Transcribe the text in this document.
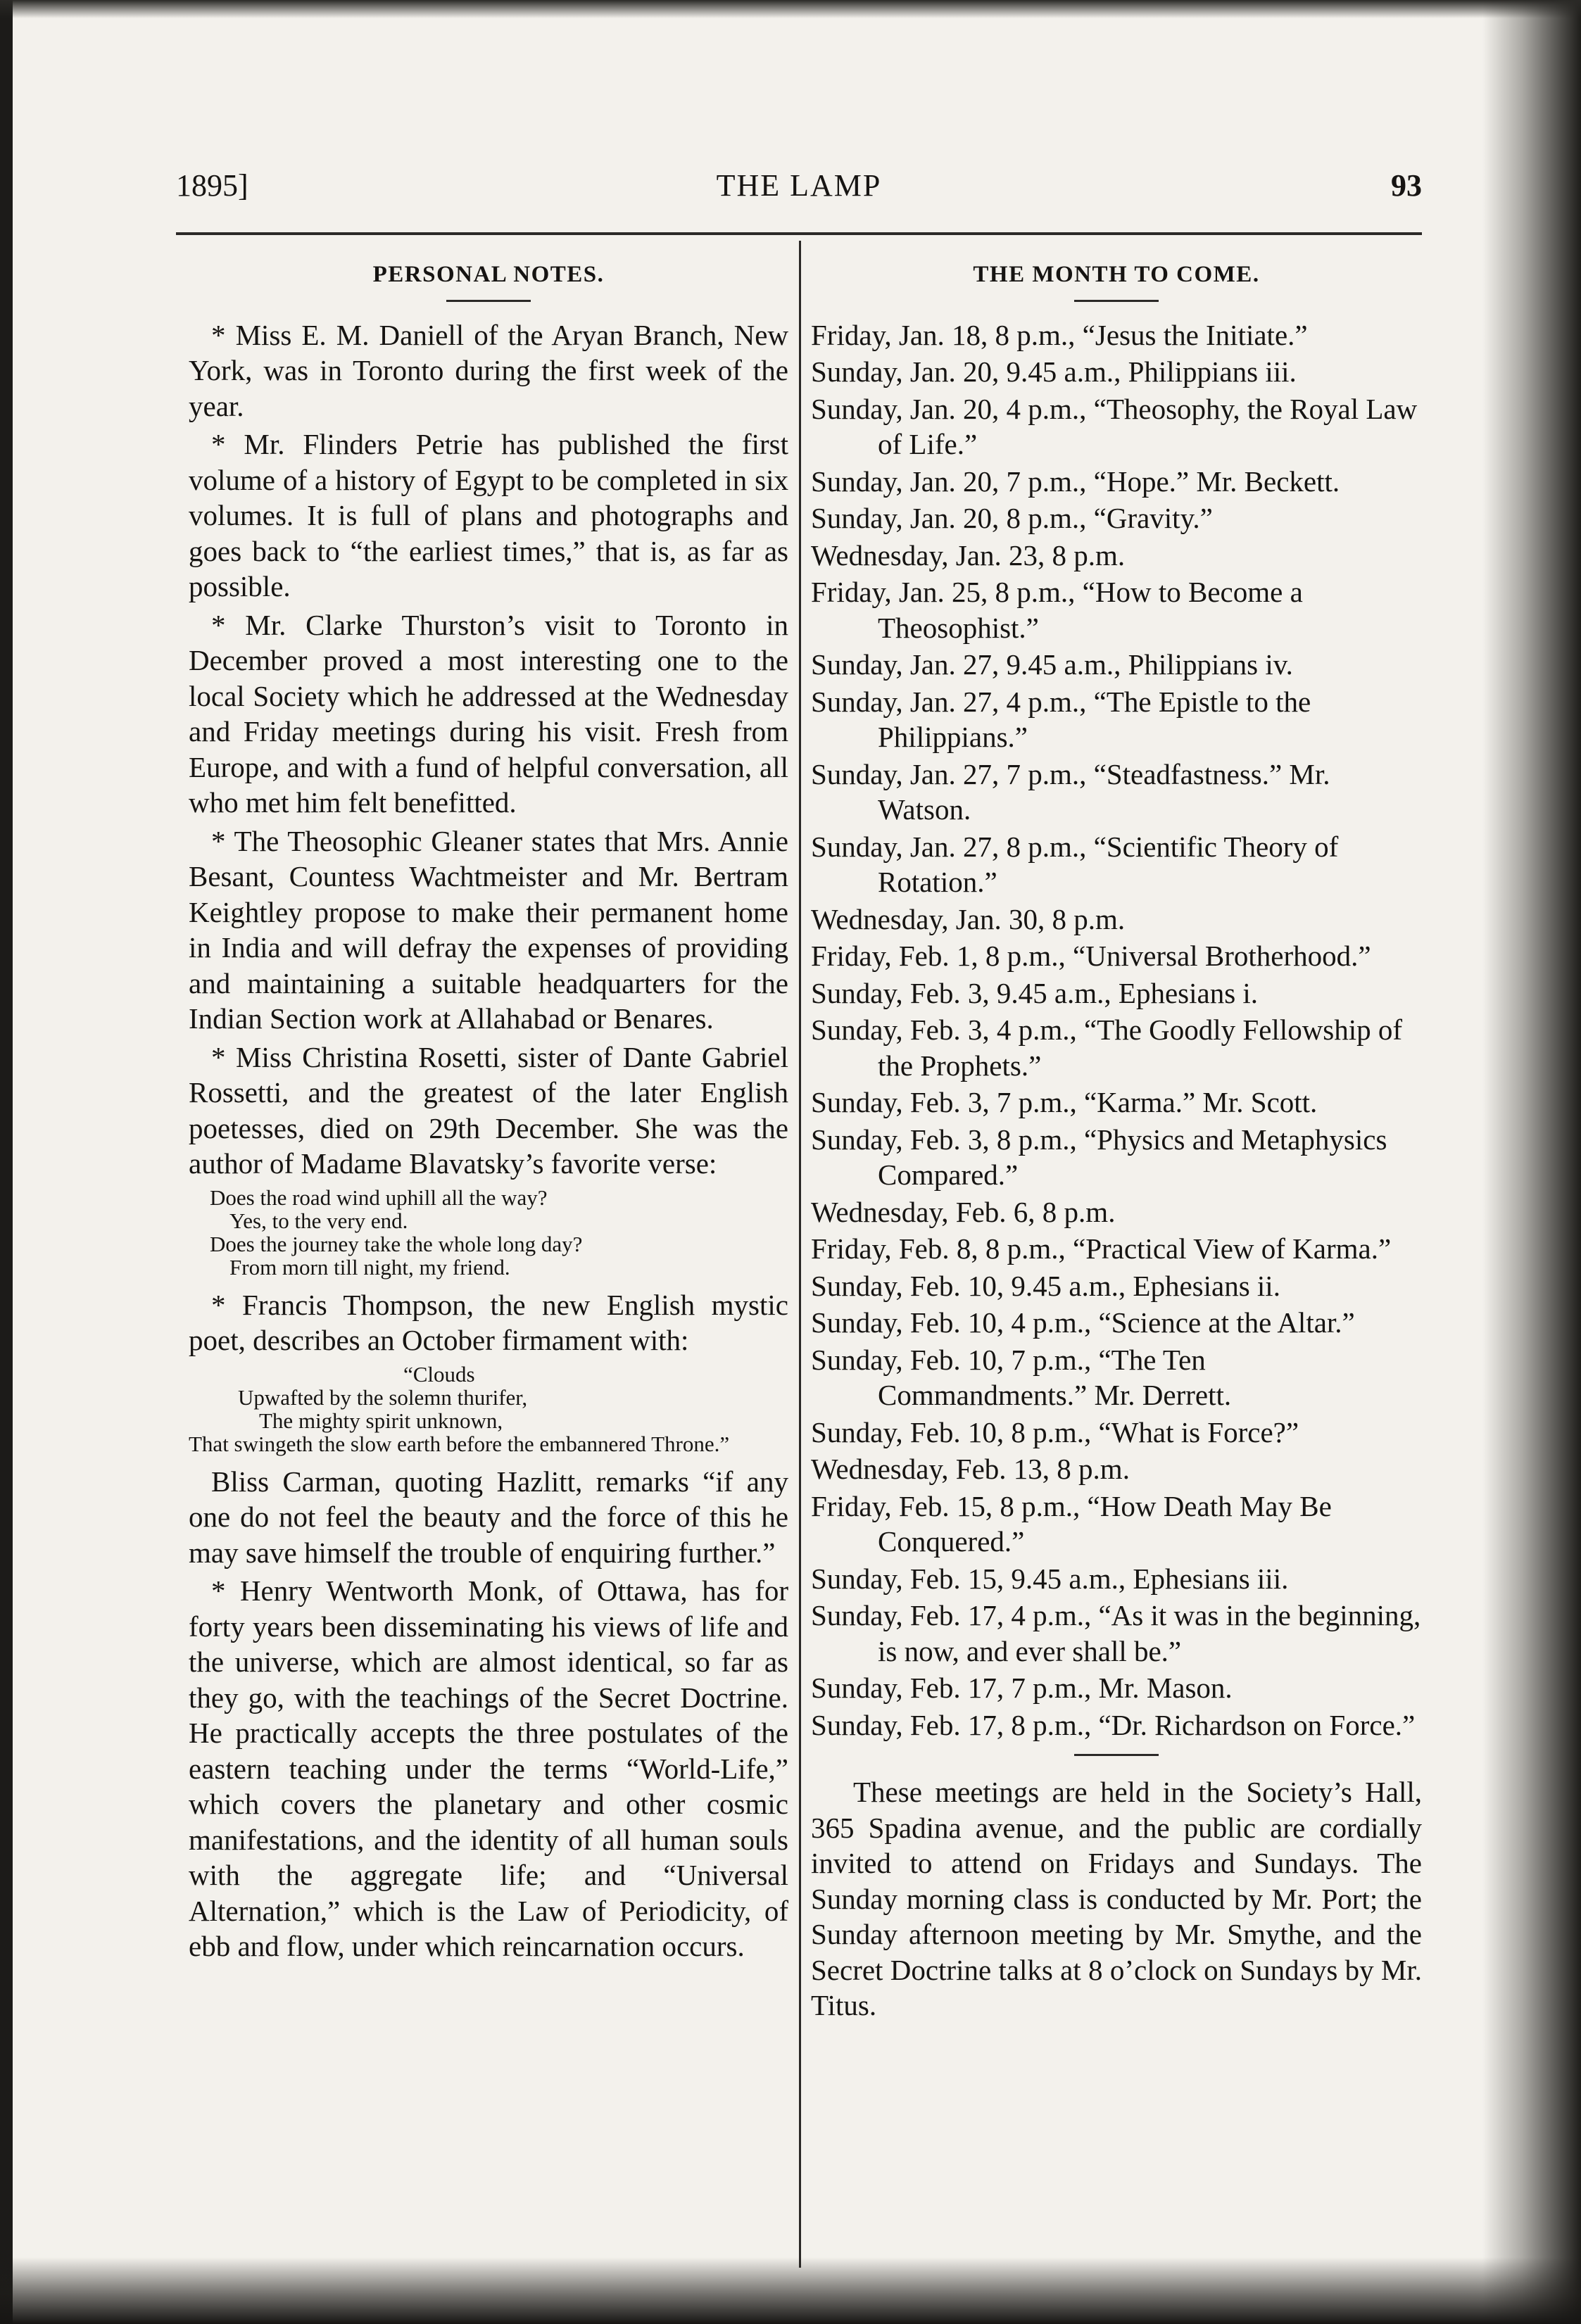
1895]	THE LAMP	93
PERSONAL NOTES.

* Miss E. M. Daniell of the Aryan Branch, New York, was in Toronto during the first week of the year.

* Mr. Flinders Petrie has published the first volume of a history of Egypt to be completed in six volumes. It is full of plans and photographs and goes back to “the earliest times,” that is, as far as possible.

* Mr. Clarke Thurston’s visit to Toronto in December proved a most interesting one to the local Society which he addressed at the Wednesday and Friday meetings during his visit. Fresh from Europe, and with a fund of helpful conversation, all who met him felt benefitted.

* The Theosophic Gleaner states that Mrs. Annie Besant, Countess Wachtmeister and Mr. Bertram Keightley propose to make their permanent home in India and will defray the expenses of providing and maintaining a suitable headquarters for the Indian Section work at Allahabad or Benares.

* Miss Christina Rosetti, sister of Dante Gabriel Rossetti, and the greatest of the later English poetesses, died on 29th December. She was the author of Madame Blavatsky’s favorite verse:

Does the road wind uphill all the way?

Yes, to the very end.

Does the journey take the whole long day?

From morn till night, my friend.

* Francis Thompson, the new English mystic poet, describes an October firmament with:

“Clouds

Upwafted by the solemn thurifer,

The mighty spirit unknown,

That swingeth the slow earth before the embannered Throne.”

Bliss Carman, quoting Hazlitt, remarks “if any one do not feel the beauty and the force of this he may save himself the trouble of enquiring further.”

* Henry Wentworth Monk, of Ottawa, has for forty years been disseminating his views of life and the universe, which are almost identical, so far as they go, with the teachings of the Secret Doctrine. He practically accepts the three postulates of the eastern teaching under the terms “World-Life,” which covers the planetary and other cosmic manifestations, and the identity of all human souls with the aggregate life; and “Universal Alternation,” which is the Law of Periodicity, of ebb and flow, under which reincarnation occurs.

THE MONTH TO COME.

Friday, Jan. 18, 8 p.m., “Jesus the Initiate.”

Sunday, Jan. 20, 9.45 a.m., Philippians iii.

Sunday, Jan. 20, 4 p.m., “Theosophy, the Royal Law of Life.”

Sunday, Jan. 20, 7 p.m., “Hope.” Mr. Beckett.

Sunday, Jan. 20, 8 p.m., “Gravity.”

Wednesday, Jan. 23, 8 p.m.

Friday, Jan. 25, 8 p.m., “How to Become a Theosophist.”

Sunday, Jan. 27, 9.45 a.m., Philippians iv.

Sunday, Jan. 27, 4 p.m., “The Epistle to the Philippians.”

Sunday, Jan. 27, 7 p.m., “Steadfastness.” Mr. Watson.

Sunday, Jan. 27, 8 p.m., “Scientific Theory of Rotation.”

Wednesday, Jan. 30, 8 p.m.

Friday, Feb. 1, 8 p.m., “Universal Brotherhood.”

Sunday, Feb. 3, 9.45 a.m., Ephesians i.

Sunday, Feb. 3, 4 p.m., “The Goodly Fellowship of the Prophets.”

Sunday, Feb. 3, 7 p.m., “Karma.” Mr. Scott.

Sunday, Feb. 3, 8 p.m., “Physics and Metaphysics Compared.”

Wednesday, Feb. 6, 8 p.m.

Friday, Feb. 8, 8 p.m., “Practical View of Karma.”

Sunday, Feb. 10, 9.45 a.m., Ephesians ii.

Sunday, Feb. 10, 4 p.m., “Science at the Altar.”

Sunday, Feb. 10, 7 p.m., “The Ten Commandments.” Mr. Derrett.

Sunday, Feb. 10, 8 p.m., “What is Force?”

Wednesday, Feb. 13, 8 p.m.

Friday, Feb. 15, 8 p.m., “How Death May Be Conquered.”

Sunday, Feb. 15, 9.45 a.m., Ephesians iii.

Sunday, Feb. 17, 4 p.m., “As it was in the beginning, is now, and ever shall be.”

Sunday, Feb. 17, 7 p.m., Mr. Mason.

Sunday, Feb. 17, 8 p.m., “Dr. Richardson on Force.”

These meetings are held in the Society’s Hall, 365 Spadina avenue, and the public are cordially invited to attend on Fridays and Sundays. The Sunday morning class is conducted by Mr. Port; the Sunday afternoon meeting by Mr. Smythe, and the Secret Doctrine talks at 8 o’clock on Sundays by Mr. Titus.
